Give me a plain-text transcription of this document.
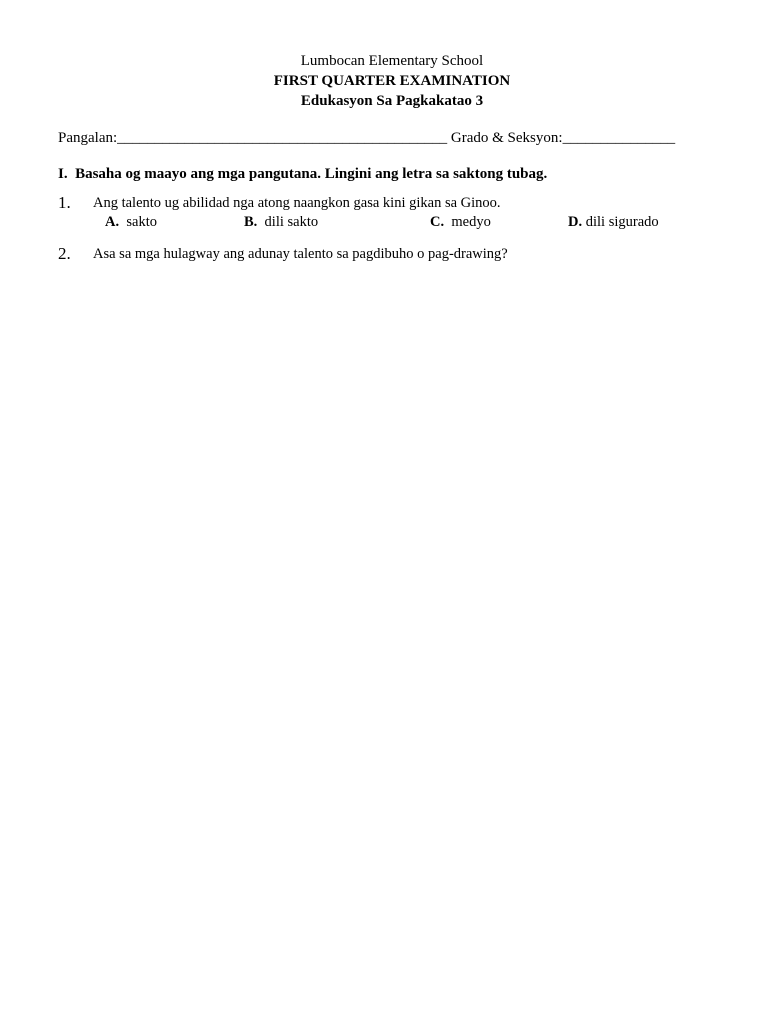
Lumbocan Elementary School
FIRST QUARTER EXAMINATION
Edukasyon Sa Pagkakatao 3
Pangalan:____________________________________________ Grado & Seksyon:_______________
I. Basaha og maayo ang mga pangutana. Lingini ang letra sa saktong tubag.
1. Ang talento ug abilidad nga atong naangkon gasa kini gikan sa Ginoo.
A. sakto	B. dili sakto	C. medyo	D. dili sigurado
2. Asa sa mga hulagway ang adunay talento sa pagdibuho o pag-drawing?
